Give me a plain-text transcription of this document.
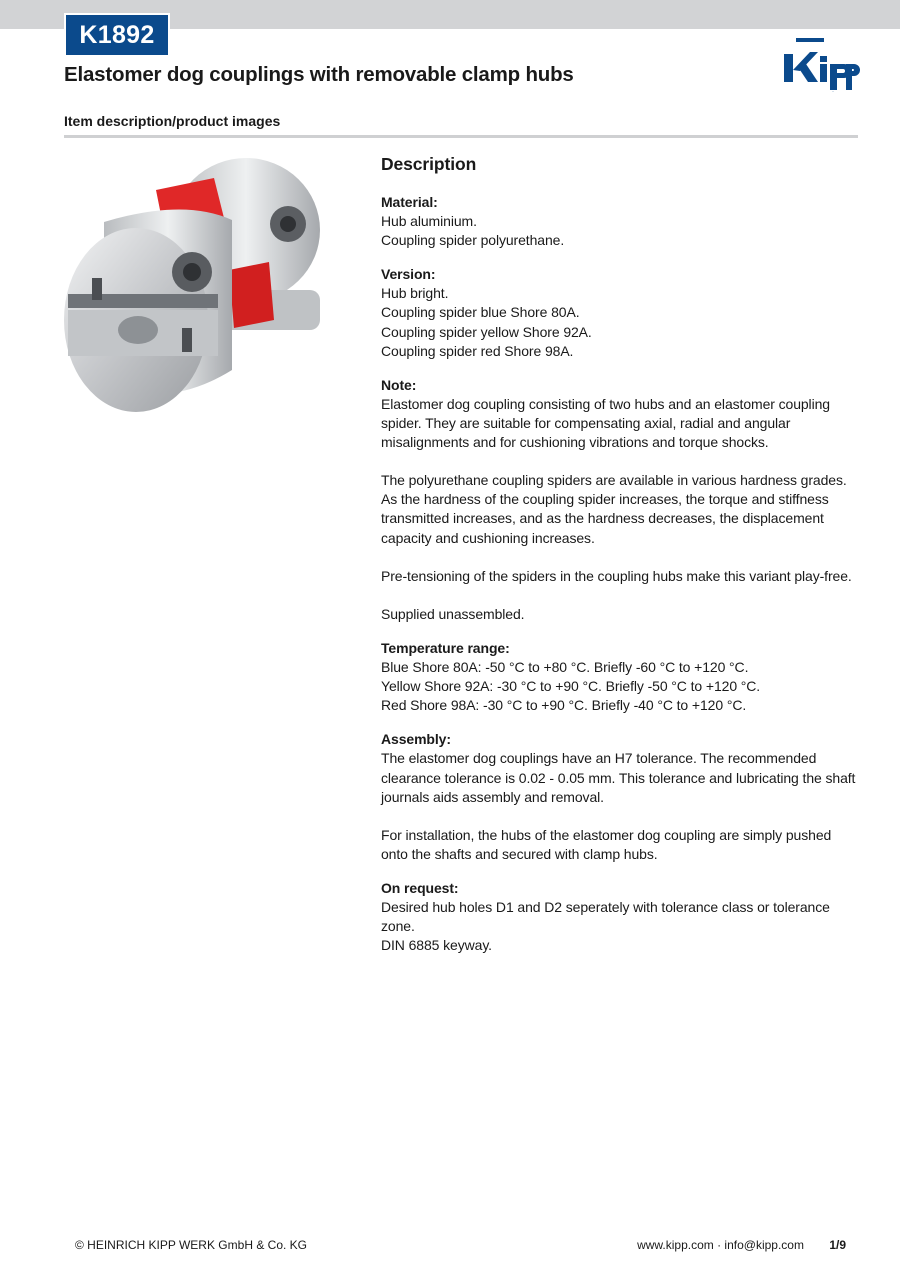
K1892
Elastomer dog couplings with removable clamp hubs
Kipp
Item description/product images
Description
Material:
Hub aluminium.
Coupling spider polyurethane.
Version:
Hub bright.
Coupling spider blue Shore 80A.
Coupling spider yellow Shore 92A.
Coupling spider red Shore 98A.
Note:

Elastomer dog coupling consisting of two hubs and an elastomer coupling spider. They are suitable for compensating axial, radial and angular misalignments and for cushioning vibrations and torque shocks.

The polyurethane coupling spiders are available in various hardness grades. As the hardness of the coupling spider increases, the torque and stiffness transmitted increases, and as the hardness decreases, the displacement capacity and cushioning increases.

Pre-tensioning of the spiders in the coupling hubs make this variant play-free.

Supplied unassembled.

Temperature range:
Blue Shore 80A: -50 °C to +80 °C. Briefly -60 °C to +120 °C.
Yellow Shore 92A: -30 °C to +90 °C. Briefly -50 °C to +120 °C.
Red Shore 98A: -30 °C to +90 °C. Briefly -40 °C to +120 °C.
Assembly:

The elastomer dog couplings have an H7 tolerance. The recommended clearance tolerance is 0.02 - 0.05 mm. This tolerance and lubricating the shaft journals aids assembly and removal.

For installation, the hubs of the elastomer dog coupling are simply pushed onto the shafts and secured with clamp hubs.

On request:
Desired hub holes D1 and D2 seperately with tolerance class or tolerance zone.
DIN 6885 keyway.
© HEINRICH KIPP WERK GmbH & Co. KG	www.kipp.com · info@kipp.com 1/9
